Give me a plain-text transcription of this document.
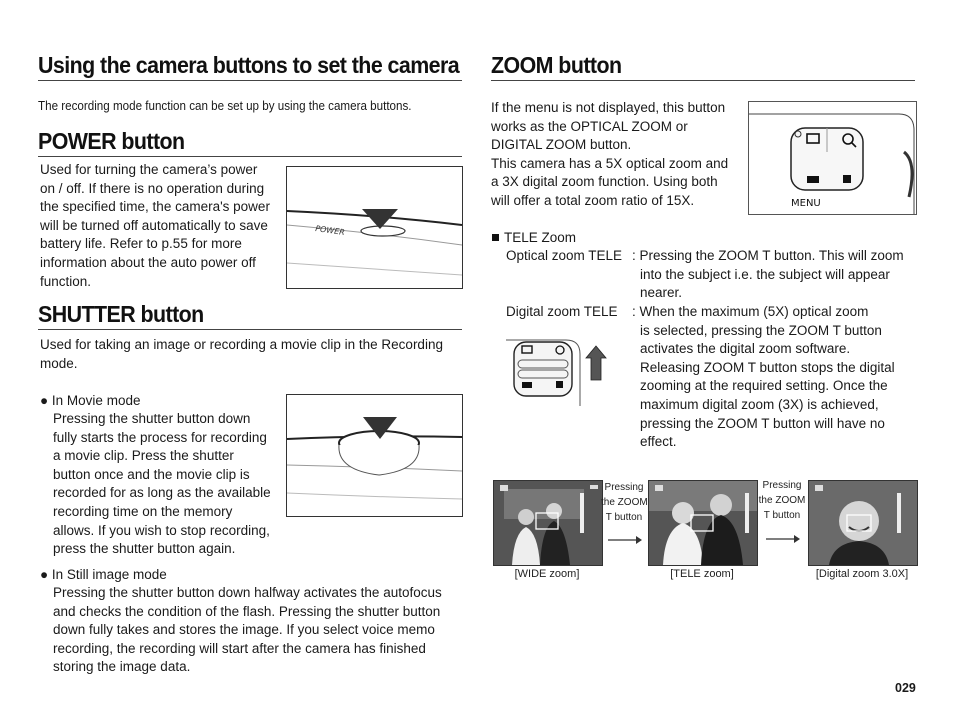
Using the camera buttons to set the camera
The recording mode function can be set up by using the camera buttons.
POWER button
Used for turning the camera’s power
on / off. If there is no operation during
the specified time, the camera's power
will be turned off automatically to save
battery life. Refer to p.55 for more
information about the auto power off
function.
POWER
SHUTTER button
Used for taking an image or recording a movie clip in the Recording
mode.
● In Movie mode
Pressing the shutter button down
fully starts the process for recording
a movie clip. Press the shutter
button once and the movie clip is
recorded for as long as the available
recording time on the memory
allows. If you wish to stop recording,
press the shutter button again.
● In Still image mode
Pressing the shutter button down halfway activates the autofocus
and checks the condition of the flash. Pressing the shutter button
down fully takes and stores the image. If you select voice memo
recording, the recording will start after the camera has finished
storing the image data.
ZOOM button
If the menu is not displayed, this button
works as the OPTICAL ZOOM or
DIGITAL ZOOM button.
This camera has a 5X optical zoom and
a 3X digital zoom function. Using both
will offer a total zoom ratio of 15X.	MENU
TELE Zoom
Optical zoom TELE : Pressing the ZOOM T button. This will zoom
into the subject i.e. the subject will appear
nearer.
Digital zoom TELE : When the maximum (5X) optical zoom
is selected, pressing the ZOOM T button
activates the digital zoom software.
Releasing ZOOM T button stops the digital
zooming at the required setting. Once the
maximum digital zoom (3X) is achieved,
pressing the ZOOM T button will have no
effect.
Pressing
the ZOOM
T button
Pressing
the ZOOM
T button
[WIDE zoom]	[TELE zoom]	[Digital zoom 3.0X]
029
